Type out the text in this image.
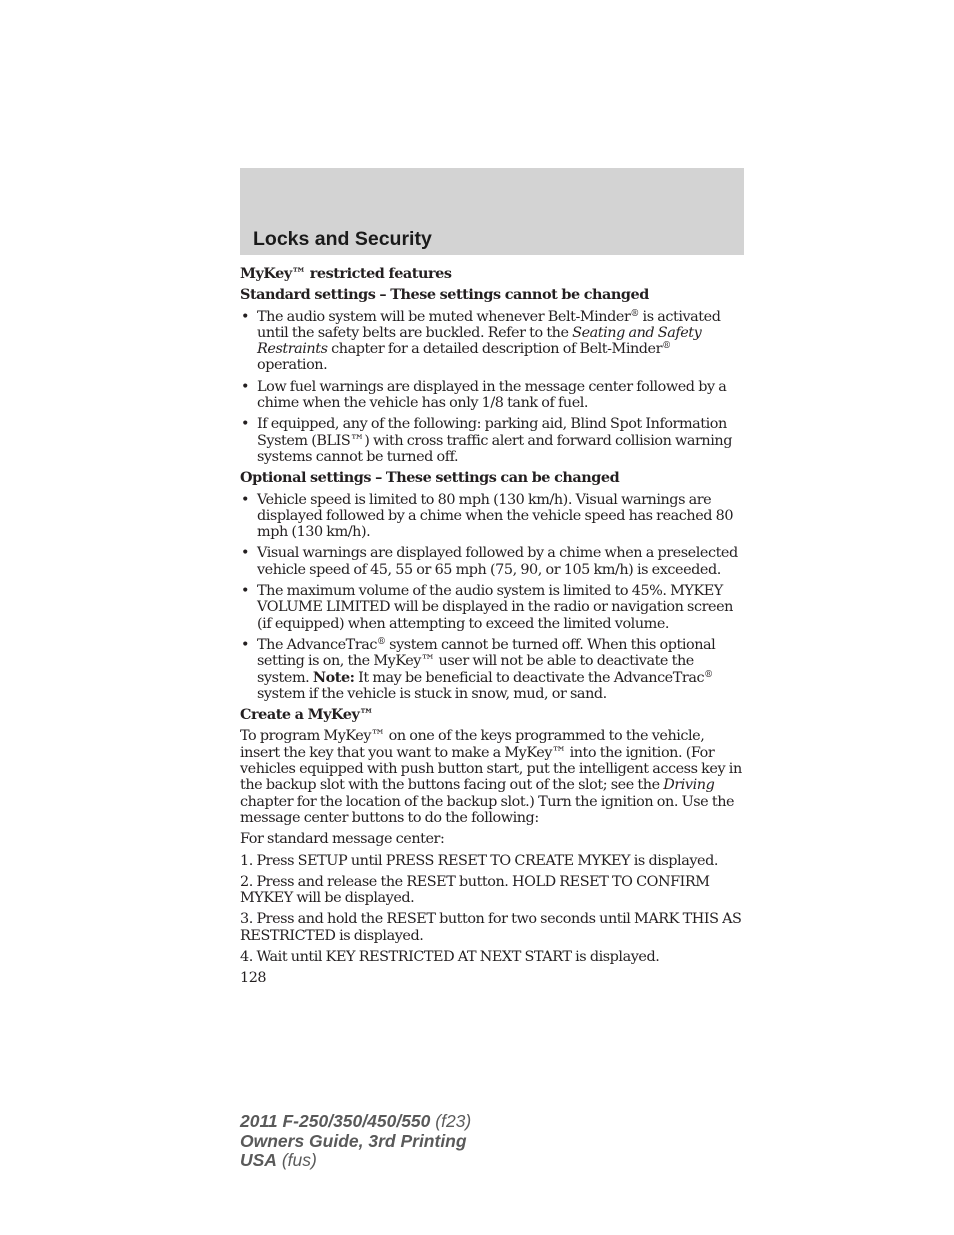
Locks and Security
MyKey™ restricted features
Standard settings – These settings cannot be changed
• The audio system will be muted whenever Belt-Minder® is activated until the safety belts are buckled. Refer to the Seating and Safety Restraints chapter for a detailed description of Belt-Minder® operation.
• Low fuel warnings are displayed in the message center followed by a chime when the vehicle has only 1/8 tank of fuel.
• If equipped, any of the following: parking aid, Blind Spot Information System (BLIS™) with cross traffic alert and forward collision warning systems cannot be turned off.
Optional settings – These settings can be changed
• Vehicle speed is limited to 80 mph (130 km/h). Visual warnings are displayed followed by a chime when the vehicle speed has reached 80 mph (130 km/h).
• Visual warnings are displayed followed by a chime when a preselected vehicle speed of 45, 55 or 65 mph (75, 90, or 105 km/h) is exceeded.
• The maximum volume of the audio system is limited to 45%. MYKEY VOLUME LIMITED will be displayed in the radio or navigation screen (if equipped) when attempting to exceed the limited volume.
• The AdvanceTrac® system cannot be turned off. When this optional setting is on, the MyKey™ user will not be able to deactivate the system. Note: It may be beneficial to deactivate the AdvanceTrac® system if the vehicle is stuck in snow, mud, or sand.
Create a MyKey™

To program MyKey™ on one of the keys programmed to the vehicle, insert the key that you want to make a MyKey™ into the ignition. (For vehicles equipped with push button start, put the intelligent access key in the backup slot with the buttons facing out of the slot; see the Driving chapter for the location of the backup slot.) Turn the ignition on. Use the message center buttons to do the following:

For standard message center:

1. Press SETUP until PRESS RESET TO CREATE MYKEY is displayed.

2. Press and release the RESET button. HOLD RESET TO CONFIRM MYKEY will be displayed.

3. Press and hold the RESET button for two seconds until MARK THIS AS RESTRICTED is displayed.

4. Wait until KEY RESTRICTED AT NEXT START is displayed.

128
2011 F-250/350/450/550 (f23)
Owners Guide, 3rd Printing
USA (fus)
